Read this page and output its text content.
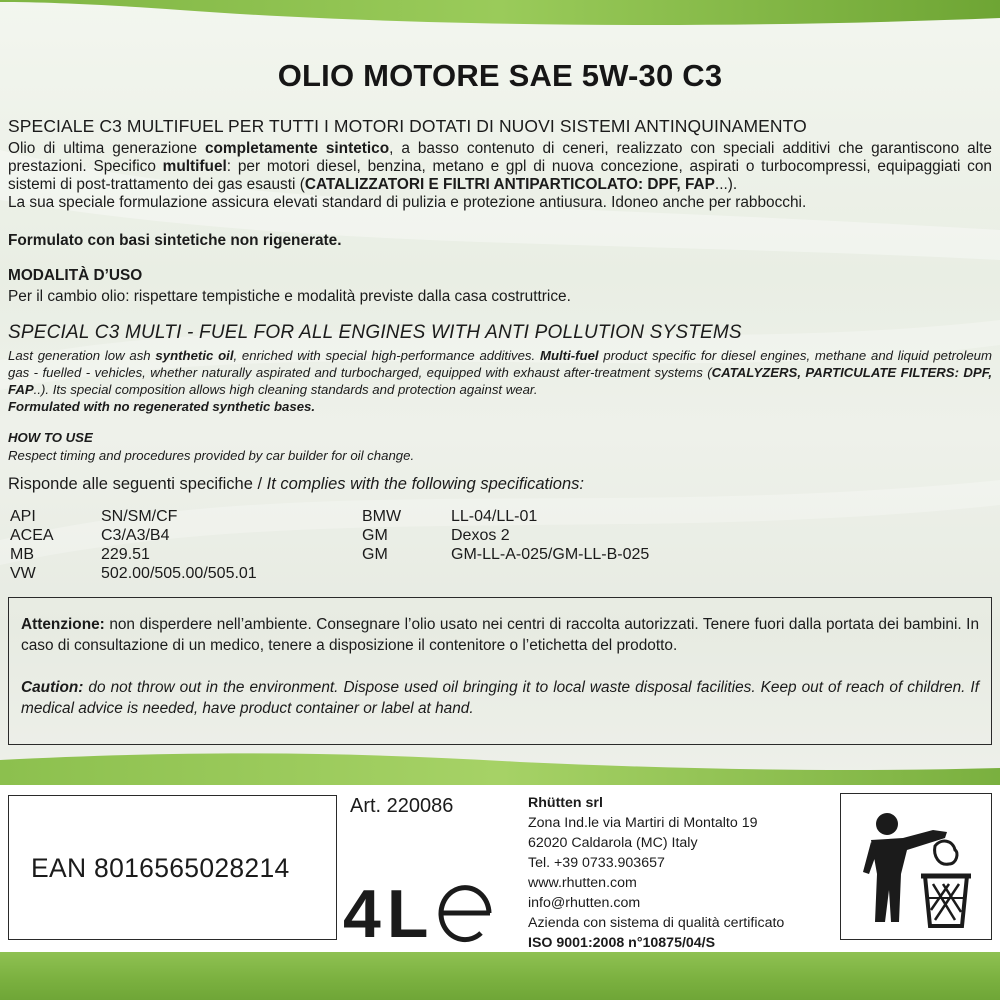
OLIO MOTORE SAE 5W-30 C3
SPECIALE C3 MULTIFUEL PER TUTTI I MOTORI DOTATI DI NUOVI SISTEMI ANTINQUINAMENTO

Olio di ultima generazione completamente sintetico, a basso contenuto di ceneri, realizzato con speciali additivi che garantiscono alte prestazioni. Specifico multifuel: per motori diesel, benzina, metano e gpl di nuova concezione, aspirati o turbocompressi, equipaggiati con sistemi di post-trattamento dei gas esausti (CATALIZZATORI E FILTRI ANTIPARTICOLATO: DPF, FAP...).

La sua speciale formulazione assicura elevati standard di pulizia e protezione antiusura. Idoneo anche per rabbocchi.

Formulato con basi sintetiche non rigenerate.
MODALITÀ D’USO
Per il cambio olio: rispettare tempistiche e modalità previste dalla casa costruttrice.
SPECIAL C3 MULTI - FUEL FOR ALL ENGINES WITH ANTI POLLUTION SYSTEMS
Last generation low ash synthetic oil, enriched with special high-performance additives. Multi-fuel product specific for diesel engines, methane and liquid petroleum gas - fuelled - vehicles, whether naturally aspirated and turbocharged, equipped with exhaust after-treatment systems (CATALYZERS, PARTICULATE FILTERS: DPF, FAP..). Its special composition allows high cleaning standards and protection against wear.
Formulated with no regenerated synthetic bases.
HOW TO USE
Respect timing and procedures provided by car builder for oil change.
Risponde alle seguenti specifiche / It complies with the following specifications:
API	SN/SM/CF
ACEA	C3/A3/B4
MB	229.51
VW	502.00/505.00/505.01
BMW	LL-04/LL-01
GM	Dexos 2
GM	GM-LL-A-025/GM-LL-B-025

Attenzione: non disperdere nell’ambiente. Consegnare l’olio usato nei centri di raccolta autorizzati. Tenere fuori dalla portata dei bambini. In caso di consultazione di un medico, tenere a disposizione il contenitore o l’etichetta del prodotto.

Caution: do not throw out in the environment. Dispose used oil bringing it to local waste disposal facilities. Keep out of reach of children. If medical advice is needed, have product container or label at hand.

EAN 8016565028214
Art. 220086
4L
Rhütten srl
Zona Ind.le via Martiri di Montalto 19
62020 Caldarola (MC) Italy
Tel. +39 0733.903657
www.rhutten.com
info@rhutten.com
Azienda con sistema di qualità certificato
ISO 9001:2008 n°10875/04/S
